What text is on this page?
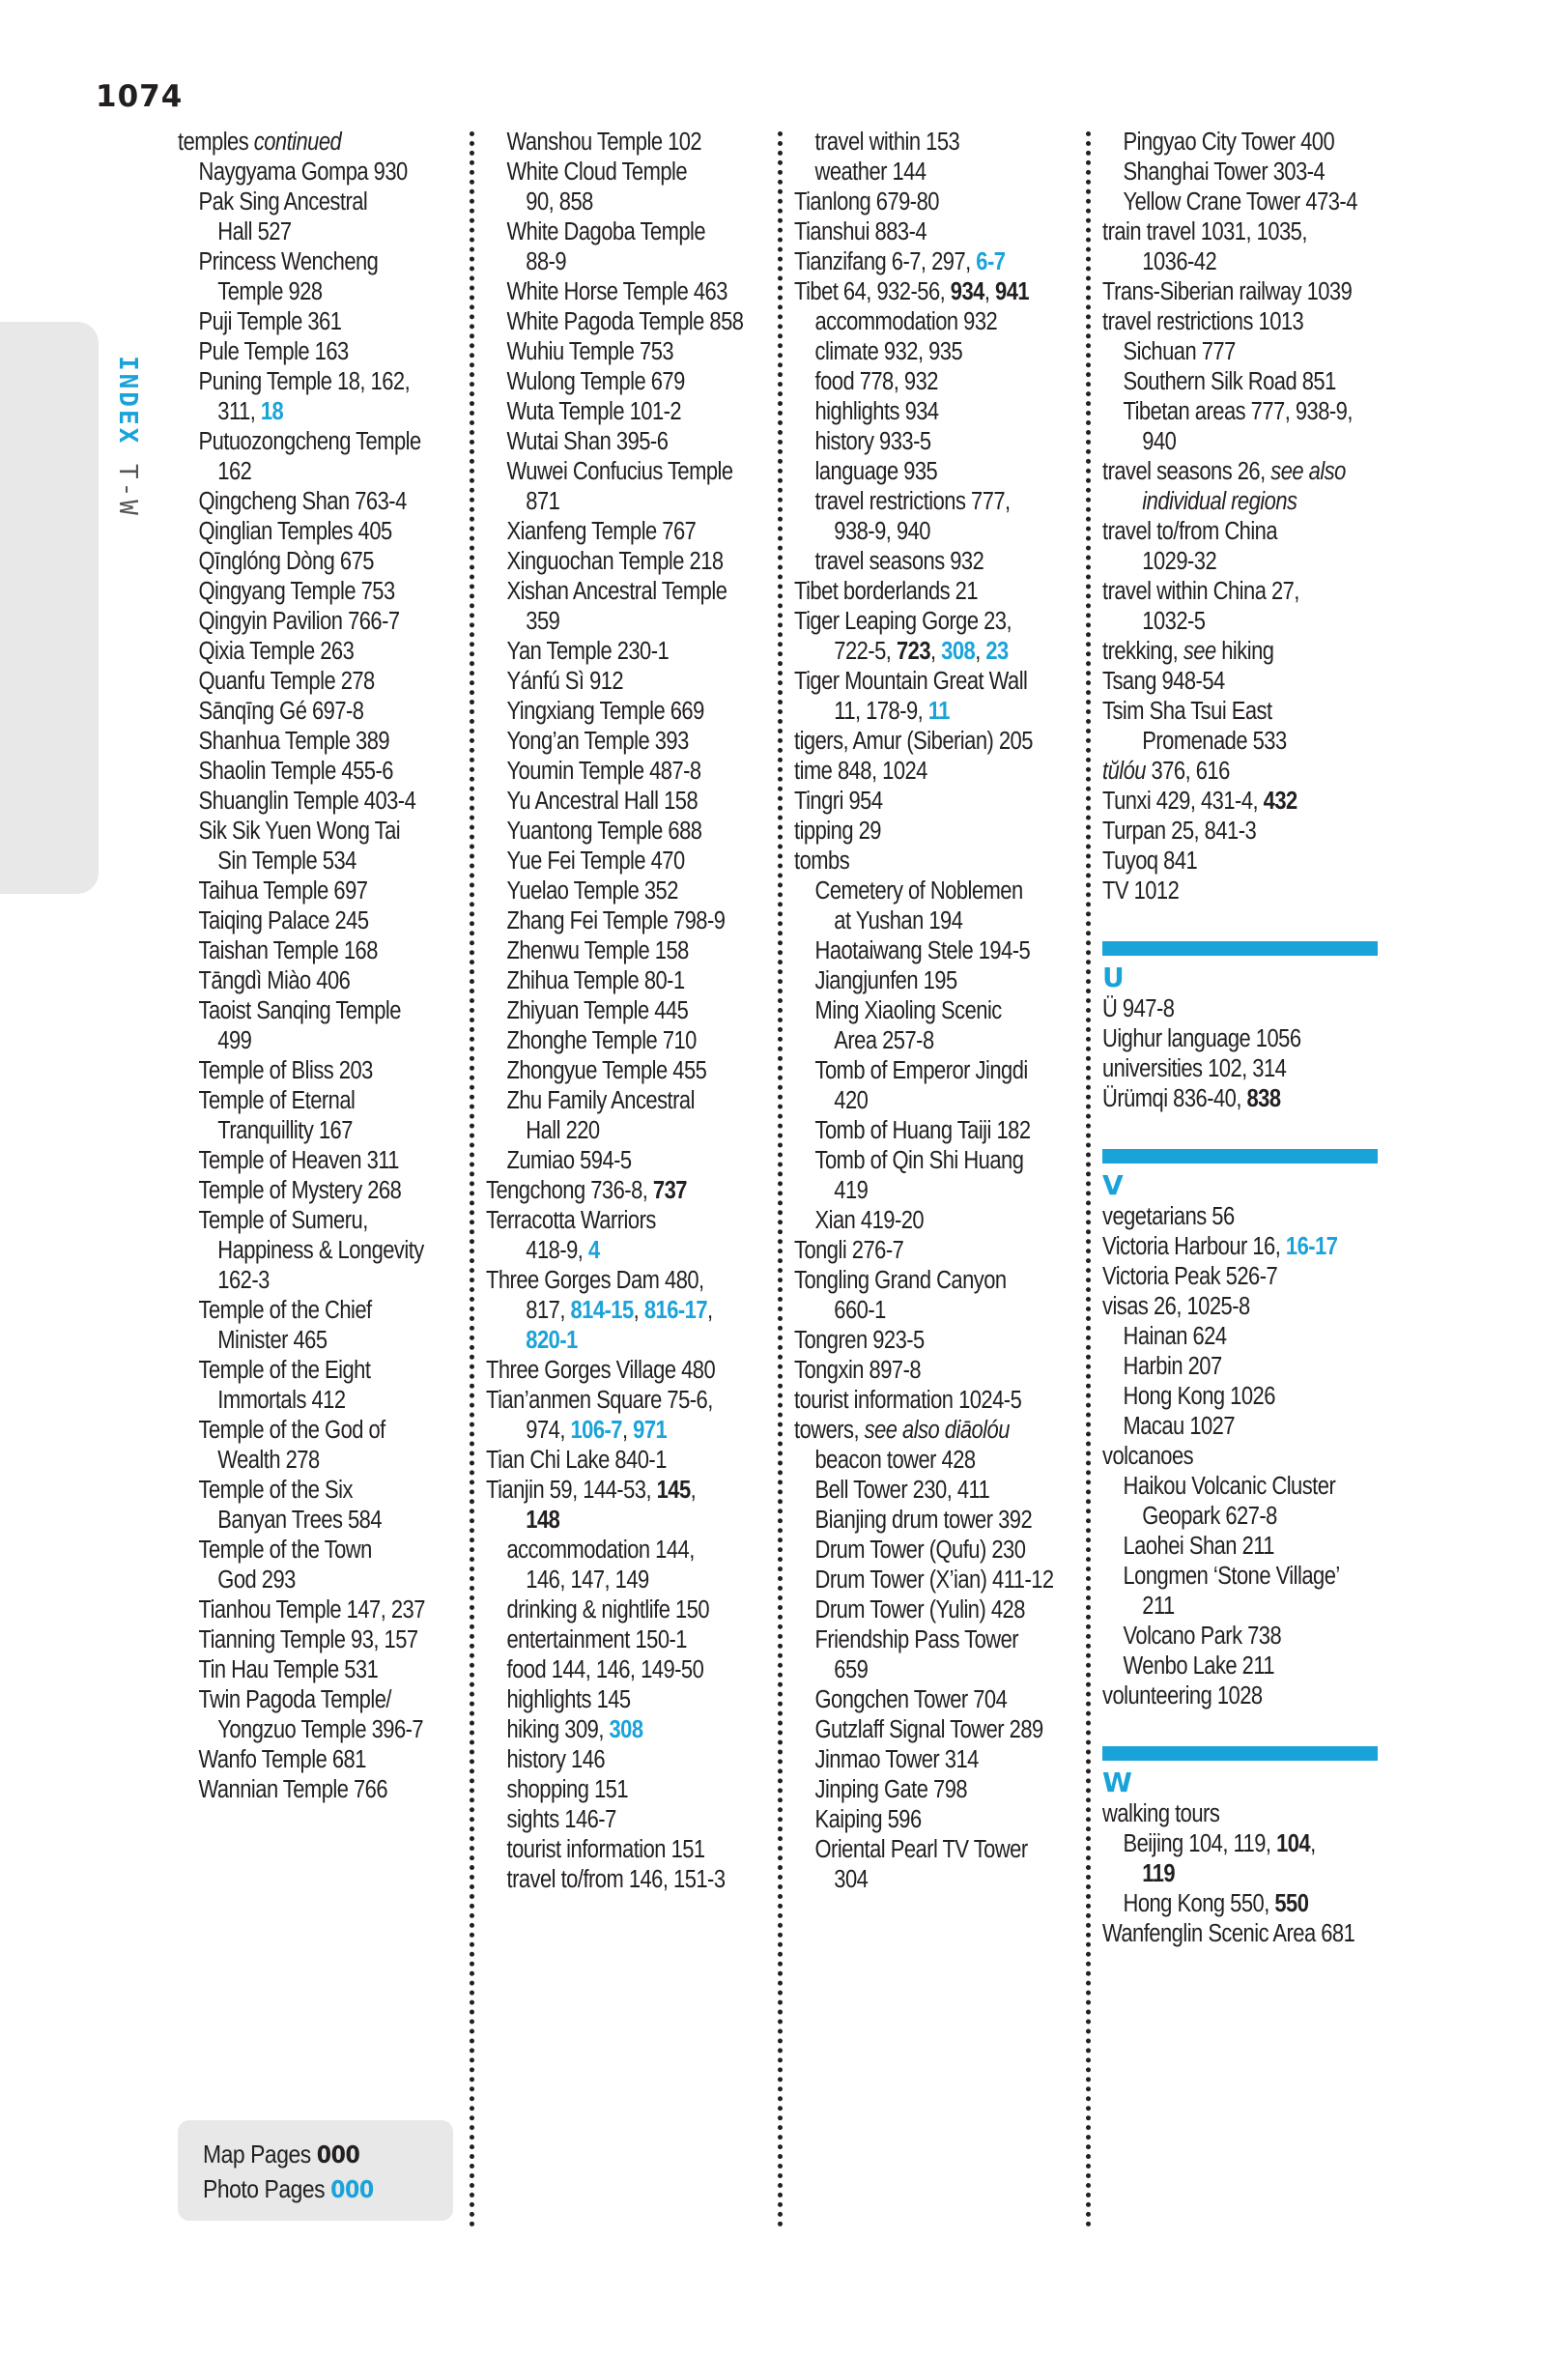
1074
INDEX T-W
temples continued
Naygyama Gompa 930
Pak Sing Ancestral
Hall 527
Princess Wencheng
Temple 928
Puji Temple 361
Pule Temple 163
Puning Temple 18, 162,
311, 18
Putuozongcheng Temple
162
Qingcheng Shan 763-4
Qinglian Temples 405
Qīnglóng Dòng 675
Qingyang Temple 753
Qingyin Pavilion 766-7
Qixia Temple 263
Quanfu Temple 278
Sānqīng Gé 697-8
Shanhua Temple 389
Shaolin Temple 455-6
Shuanglin Temple 403-4
Sik Sik Yuen Wong Tai
Sin Temple 534
Taihua Temple 697
Taiqing Palace 245
Taishan Temple 168
Tāngdì Miào 406
Taoist Sanqing Temple
499
Temple of Bliss 203
Temple of Eternal
Tranquillity 167
Temple of Heaven 311
Temple of Mystery 268
Temple of Sumeru,
Happiness & Longevity
162-3
Temple of the Chief
Minister 465
Temple of the Eight
Immortals 412
Temple of the God of
Wealth 278
Temple of the Six
Banyan Trees 584
Temple of the Town
God 293
Tianhou Temple 147, 237
Tianning Temple 93, 157
Tin Hau Temple 531
Twin Pagoda Temple/
Yongzuo Temple 396-7
Wanfo Temple 681
Wannian Temple 766
Wanshou Temple 102
White Cloud Temple
90, 858
White Dagoba Temple
88-9
White Horse Temple 463
White Pagoda Temple 858
Wuhiu Temple 753
Wulong Temple 679
Wuta Temple 101-2
Wutai Shan 395-6
Wuwei Confucius Temple
871
Xianfeng Temple 767
Xinguochan Temple 218
Xishan Ancestral Temple
359
Yan Temple 230-1
Yánfú Sì 912
Yingxiang Temple 669
Yong’an Temple 393
Youmin Temple 487-8
Yu Ancestral Hall 158
Yuantong Temple 688
Yue Fei Temple 470
Yuelao Temple 352
Zhang Fei Temple 798-9
Zhenwu Temple 158
Zhihua Temple 80-1
Zhiyuan Temple 445
Zhonghe Temple 710
Zhongyue Temple 455
Zhu Family Ancestral
Hall 220
Zumiao 594-5
Tengchong 736-8, 737
Terracotta Warriors
418-9, 4
Three Gorges Dam 480,
817, 814-15, 816-17,
820-1
Three Gorges Village 480
Tian’anmen Square 75-6,
974, 106-7, 971
Tian Chi Lake 840-1
Tianjin 59, 144-53, 145,
148
accommodation 144,
146, 147, 149
drinking & nightlife 150
entertainment 150-1
food 144, 146, 149-50
highlights 145
hiking 309, 308
history 146
shopping 151
sights 146-7
tourist information 151
travel to/from 146, 151-3
travel within 153
weather 144
Tianlong 679-80
Tianshui 883-4
Tianzifang 6-7, 297, 6-7
Tibet 64, 932-56, 934, 941
accommodation 932
climate 932, 935
food 778, 932
highlights 934
history 933-5
language 935
travel restrictions 777,
938-9, 940
travel seasons 932
Tibet borderlands 21
Tiger Leaping Gorge 23,
722-5, 723, 308, 23
Tiger Mountain Great Wall
11, 178-9, 11
tigers, Amur (Siberian) 205
time 848, 1024
Tingri 954
tipping 29
tombs
Cemetery of Noblemen
at Yushan 194
Haotaiwang Stele 194-5
Jiangjunfen 195
Ming Xiaoling Scenic
Area 257-8
Tomb of Emperor Jingdi
420
Tomb of Huang Taiji 182
Tomb of Qin Shi Huang
419
Xian 419-20
Tongli 276-7
Tongling Grand Canyon
660-1
Tongren 923-5
Tongxin 897-8
tourist information 1024-5
towers, see also diāolóu
beacon tower 428
Bell Tower 230, 411
Bianjing drum tower 392
Drum Tower (Qufu) 230
Drum Tower (X’ian) 411-12
Drum Tower (Yulin) 428
Friendship Pass Tower
659
Gongchen Tower 704
Gutzlaff Signal Tower 289
Jinmao Tower 314
Jinping Gate 798
Kaiping 596
Oriental Pearl TV Tower
304
Pingyao City Tower 400
Shanghai Tower 303-4
Yellow Crane Tower 473-4
train travel 1031, 1035,
1036-42
Trans-Siberian railway 1039
travel restrictions 1013
Sichuan 777
Southern Silk Road 851
Tibetan areas 777, 938-9,
940
travel seasons 26, see also
individual regions
travel to/from China
1029-32
travel within China 27,
1032-5
trekking, see hiking
Tsang 948-54
Tsim Sha Tsui East
Promenade 533
tŭlóu 376, 616
Tunxi 429, 431-4, 432
Turpan 25, 841-3
Tuyoq 841
TV 1012
U
Ü 947-8
Uighur language 1056
universities 102, 314
Ürümqi 836-40, 838
V
vegetarians 56
Victoria Harbour 16, 16-17
Victoria Peak 526-7
visas 26, 1025-8
Hainan 624
Harbin 207
Hong Kong 1026
Macau 1027
volcanoes
Haikou Volcanic Cluster
Geopark 627-8
Laohei Shan 211
Longmen ‘Stone Village’
211
Volcano Park 738
Wenbo Lake 211
volunteering 1028
W
walking tours
Beijing 104, 119, 104,
119
Hong Kong 550, 550
Wanfenglin Scenic Area 681
Map Pages 000
Photo Pages 000
